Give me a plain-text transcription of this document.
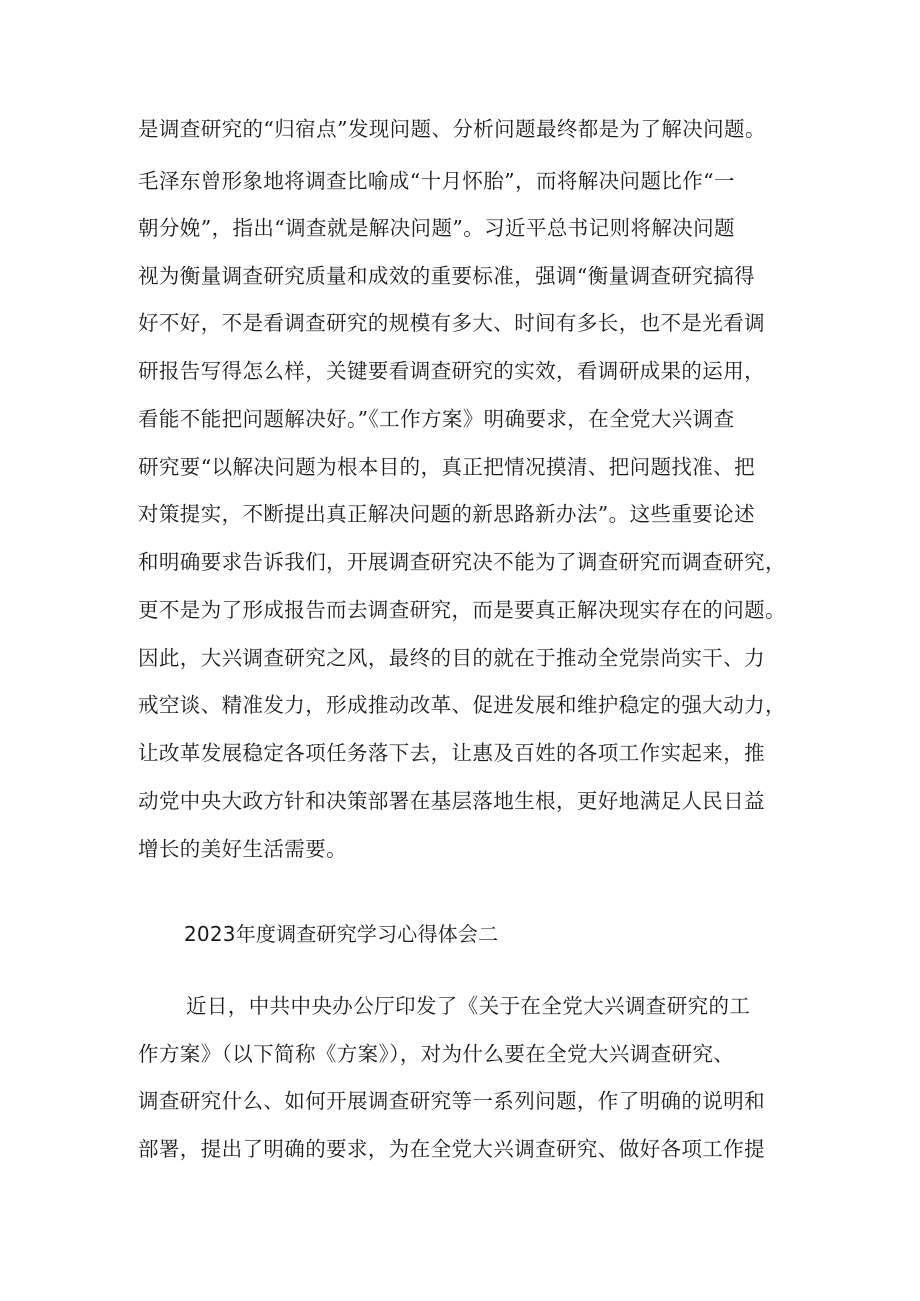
是调查研究的“归宿点”发现问题、分析问题最终都是为了解决问题。
毛泽东曾形象地将调查比喻成“十月怀胎”，而将解决问题比作“一
朝分娩”，指出“调查就是解决问题”。习近平总书记则将解决问题
视为衡量调查研究质量和成效的重要标准，强调“衡量调查研究搞得
好不好，不是看调查研究的规模有多大、时间有多长，也不是光看调
研报告写得怎么样，关键要看调查研究的实效，看调研成果的运用，
看能不能把问题解决好。”《工作方案》明确要求，在全党大兴调查
研究要“以解决问题为根本目的，真正把情况摸清、把问题找准、把
对策提实，不断提出真正解决问题的新思路新办法”。这些重要论述
和明确要求告诉我们，开展调查研究决不能为了调查研究而调查研究，
更不是为了形成报告而去调查研究，而是要真正解决现实存在的问题。
因此，大兴调查研究之风，最终的目的就在于推动全党崇尚实干、力
戒空谈、精准发力，形成推动改革、促进发展和维护稳定的强大动力，
让改革发展稳定各项任务落下去，让惠及百姓的各项工作实起来，推
动党中央大政方针和决策部署在基层落地生根，更好地满足人民日益
增长的美好生活需要。
2023年度调查研究学习心得体会二
近日，中共中央办公厅印发了《关于在全党大兴调查研究的工
作方案》（以下简称《方案》），对为什么要在全党大兴调查研究、
调查研究什么、如何开展调查研究等一系列问题，作了明确的说明和
部署，提出了明确的要求，为在全党大兴调查研究、做好各项工作提
